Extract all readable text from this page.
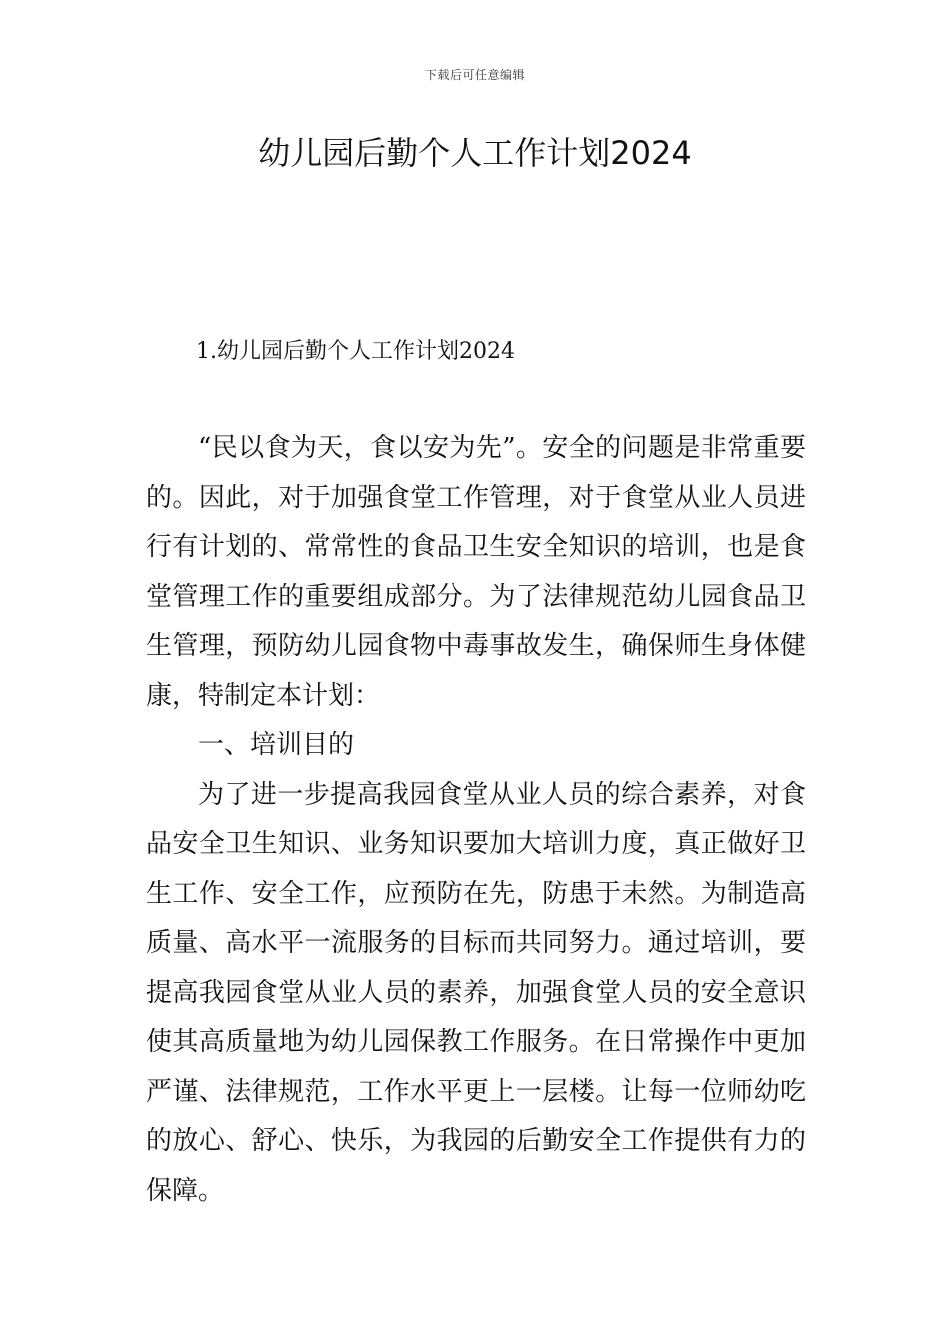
下载后可任意编辑
幼儿园后勤个人工作计划2024
1.幼儿园后勤个人工作计划2024

“民以食为天，食以安为先”。安全的问题是非常重要的。因此，对于加强食堂工作管理，对于食堂从业人员进行有计划的、常常性的食品卫生安全知识的培训，也是食堂管理工作的重要组成部分。为了法律规范幼儿园食品卫生管理，预防幼儿园食物中毒事故发生，确保师生身体健康，特制定本计划：

一、培训目的

为了进一步提高我园食堂从业人员的综合素养，对食品安全卫生知识、业务知识要加大培训力度，真正做好卫生工作、安全工作，应预防在先，防患于未然。为制造高质量、高水平一流服务的目标而共同努力。通过培训，要提高我园食堂从业人员的素养，加强食堂人员的安全意识使其高质量地为幼儿园保教工作服务。在日常操作中更加严谨、法律规范，工作水平更上一层楼。让每一位师幼吃的放心、舒心、快乐，为我园的后勤安全工作提供有力的保障。
